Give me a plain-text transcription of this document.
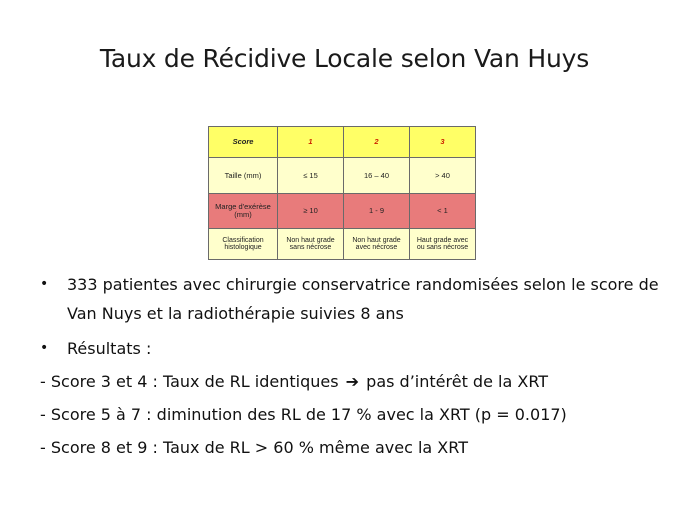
Taux de Récidive Locale selon Van Huys
Score	1	2	3
Taille (mm)	≤ 15	16 – 40	> 40
Marge d'exérèse (mm)	≥ 10	1 - 9	< 1
Classification histologique	Non haut grade sans nécrose	Non haut grade avec nécrose	Haut grade avec ou sans nécrose
• 333 patientes avec chirurgie conservatrice randomisées selon le score de Van Nuys et la radiothérapie suivies 8 ans
• Résultats :
- Score 3 et 4 : Taux de RL identiques ➔ pas d’intérêt de la XRT
- Score 5 à 7 : diminution des RL de 17 % avec la XRT (p = 0.017)
- Score 8 et 9 : Taux de RL > 60 % même avec la XRT
